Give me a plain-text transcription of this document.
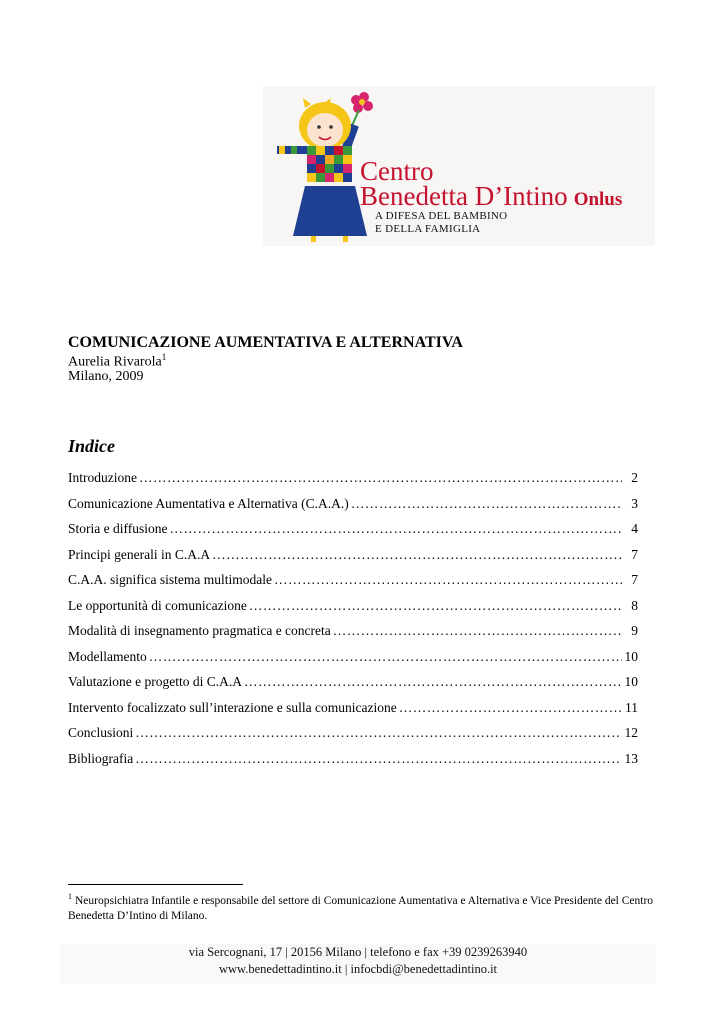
Centro
Benedetta D’Intino Onlus
A DIFESA DEL BAMBINO
E DELLA FAMIGLIA
COMUNICAZIONE AUMENTATIVA E ALTERNATIVA
Aurelia Rivarola$^1$
Milano, 2009
Indice
Introduzione ………………………………………………………………………………………………………………………………………………………	2
Comunicazione Aumentativa e Alternativa (C.A.A.) ………………………………………………………………………………………………………………………………………………………	3
Storia e diffusione ………………………………………………………………………………………………………………………………………………………	4
Principi generali in C.A.A ………………………………………………………………………………………………………………………………………………………	7
C.A.A. significa sistema multimodale ………………………………………………………………………………………………………………………………………………………	7
Le opportunità di comunicazione ………………………………………………………………………………………………………………………………………………………	8
Modalità di insegnamento pragmatica e concreta ………………………………………………………………………………………………………………………………………………………	9
Modellamento ………………………………………………………………………………………………………………………………………………………	10
Valutazione e progetto di C.A.A ………………………………………………………………………………………………………………………………………………………	10
Intervento focalizzato sull’interazione e sulla comunicazione ………………………………………………………………………………………………………………………………………………………	11
Conclusioni ………………………………………………………………………………………………………………………………………………………	12
Bibliografia ………………………………………………………………………………………………………………………………………………………	13
$^1$ Neuropsichiatra Infantile e responsabile del settore di Comunicazione Aumentativa e Alternativa e Vice Presidente del Centro Benedetta D’Intino di Milano.
via Sercognani, 17 | 20156 Milano | telefono e fax +39 0239263940
www.benedettadintino.it | infocbdi@benedettadintino.it
